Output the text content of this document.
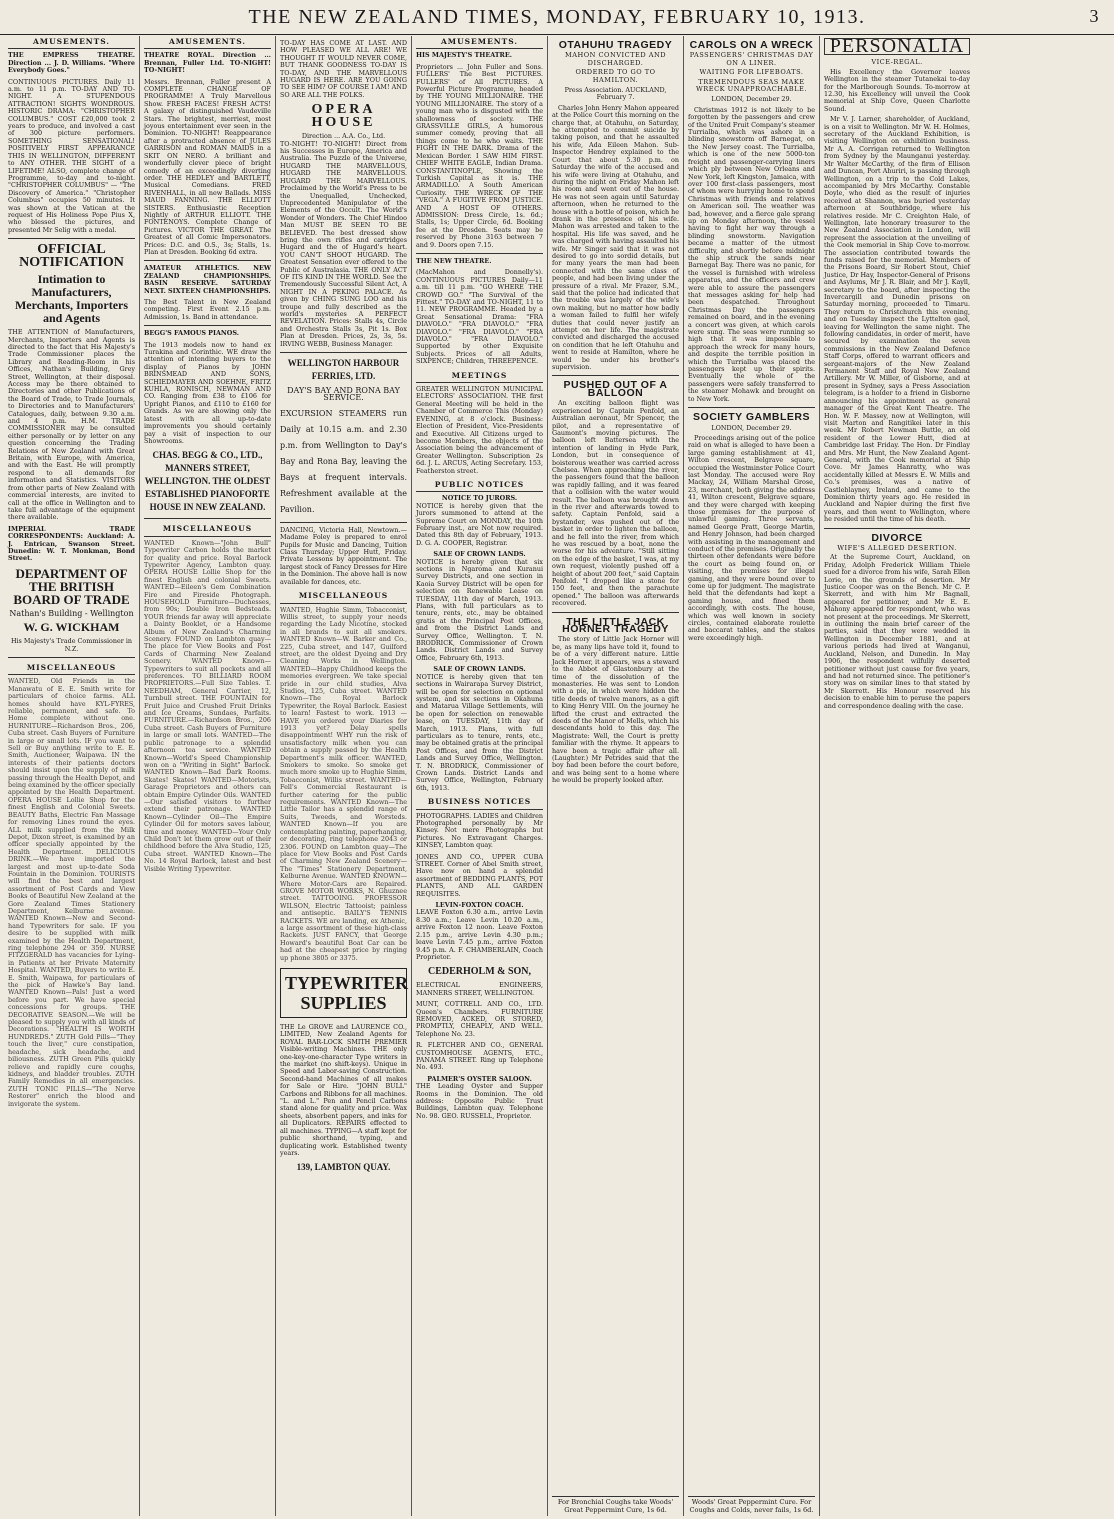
THE NEW ZEALAND TIMES, MONDAY, FEBRUARY 10, 1913.	3
AMUSEMENTS.
THE EMPRESS THEATRE. Direction ... J. D. Williams. "Where Everybody Goes."
CONTINUOUS PICTURES. Daily 11 a.m. to 11 p.m. TO-DAY AND TO-NIGHT. A STUPENDOUS ATTRACTION! SIGHTS WONDROUS. HISTORIC DRAMA: "CHRISTOPHER COLUMBUS." COST £20,000 took 2 years to produce, and involved a cast of 300 picture performers. SOMETHING SENSATIONAL! POSITIVELY FIRST APPEARANCE THIS IN WELLINGTON, DIFFERENT to ANY OTHER. THE SIGHT of a LIFETIME! ALSO, complete change of Programme, to-day and to-night. "CHRISTOPHER COLUMBUS" — "The Discovery of America." "Christopher Columbus" occupies 50 minutes. It was shown at the Vatican at the request of His Holiness Pope Pius X, who blessed the pictures, and presented Mr Selig with a medal.
OFFICIAL NOTIFICATION
Intimation to Manufacturers, Merchants, Importers and Agents
THE ATTENTION of Manufacturers, Merchants, Importers and Agents is directed to the fact that His Majesty's Trade Commissioner places the Library and Reading-Room in his Offices, Nathan's Building, Grey Street, Wellington, at their disposal. Access may be there obtained to Directories and other Publications of the Board of Trade, to Trade Journals, to Directories and to Manufacturers' Catalogues, daily, between 9.30 a.m. and 4 p.m. H.M. TRADE COMMISSIONER may be consulted either personally or by letter on any question concerning the Trading Relations of New Zealand with Great Britain, with Europe, with America, and with the East. He will promptly respond to all demands for information and Statistics. VISITORS from other parts of New Zealand with commercial interests, are invited to call at the office in Wellington and to take full advantage of the equipment there available.
IMPERIAL TRADE CORRESPONDENTS: Auckland: A. J. Entrican, Swanson Street. Dunedin: W. T. Monkman, Bond Street.
DEPARTMENT OF THE BRITISH BOARD OF TRADE
Nathan's Building - Wellington
W. G. WICKHAM
His Majesty's Trade Commissioner in N.Z.
MISCELLANEOUS
WANTED, Old Friends in the Manawatu of E. E. Smith write for particulars of choice farms. ALL homes should have KYL-FYRES, reliable, permanent, and safe. To Home complete without one. HURNITURE—Richardson Bros., 206, Cuba street. Cash Buyers of Furniture in large or small lots. IF you want to Sell or Buy anything write to E. E. Smith, Auctioneer, Waipawa. IN the interests of their patients doctors should insist upon the supply of milk passing through the Health Depot, and being examined by the officer specially appointed by the Health Department. OPERA HOUSE Lollie Shop for the finest English and Colonial Sweets. BEAUTY Baths, Electric Fan Massage for removing Lines round the eyes. ALL milk supplied from the Milk Depot, Dixon street, is examined by an officer specially appointed by the Health Department. DELICIOUS DRINK.—We have imported the largest and most up-to-date Soda Fountain in the Dominion. TOURISTS will find the best and largest assortment of Post Cards and View Books of Beautiful New Zealand at the Gore Zealand Times Stationery Department, Kelburne avenue. WANTED Known—New and Second-hand Typewriters for sale. IF you desire to be supplied with milk examined by the Health Department, ring telephone 294 or 359. NURSE FITZGERALD has vacancies for Lying-in Patients at her Private Maternity Hospital. WANTED, Buyers to write E. E. Smith, Waipawa, for particulars of the pick of Hawke's Bay land. WANTED Known—Pals! Just a word before you part. We have special concessions for groups. THE DECORATIVE SEASON.—We will be pleased to supply you with all kinds of Decorations. "HEALTH IS WORTH HUNDREDS." ZUTH Gold Pills—"They touch the liver," cure constipation, headache, sick headache, and biliousness. ZUTH Green Pills quickly relieve and rapidly cure coughs, kidneys, and bladder troubles. ZUTH Family Remedies in all emergencies. ZUTH TONIC PILLS—"The Nerve Restorer" enrich the blood and invigorate the system.
AMUSEMENTS.
THEATRE ROYAL. Direction ... Brennan, Fuller Ltd. TO-NIGHT! TO-NIGHT!
Messrs. Brennan, Fuller present A COMPLETE CHANGE OF PROGRAMME! A Truly Marvellous Show. FRESH FACES! FRESH ACTS! A galaxy of distinguished Vaudeville Stars. The brightest, merriest, most joyous entertainment ever seen in the Dominion. TO-NIGHT! Reappearance after a protracted absence of JULES GARRISON and ROMAN MAIDS in a SKIT ON NERO. A brilliant and wonderfully clever piece of bright comedy of an exceedingly diverting order. THE HEDLEY and BARTLETT, Musical Comedians. FRED RIVENHALL, in all new Ballads. MISS MAUD FANNING. THE ELLIOTT SISTERS. Enthusiastic Reception Nightly of ARTHUR ELLIOTT. THE FONTENOYS. Complete Change of Pictures. VICTOR THE GREAT. The Greatest of all Comic Impersonators. Prices: D.C. and O.S., 3s; Stalls, 1s. Plan at Dresden. Booking 6d extra.
AMATEUR ATHLETICS. NEW ZEALAND CHAMPIONSHIPS. BASIN RESERVE. SATURDAY NEXT. SIXTEEN CHAMPIONSHIPS.
The Best Talent in New Zealand competing. First Event 2.15 p.m. Admission, 1s. Band in attendance.
BEGG'S FAMOUS PIANOS.
The 1913 models now to hand ex Turakina and Corinthic. WE draw the attention of intending buyers to the display of Pianos by JOHN BRINSMEAD AND SONS, SCHIEDMAYER AND SOEHNE, FRITZ KUHLA, RONISCH, NEWMAN AND CO. Ranging from £38 to £106 for Upright Pianos, and £110 to £160 for Grands. As we are showing only the latest with all up-to-date improvements you should certainly pay a visit of inspection to our Showrooms.
CHAS. BEGG & CO., LTD., MANNERS STREET, WELLINGTON. THE OLDEST ESTABLISHED PIANOFORTE HOUSE IN NEW ZEALAND.
MISCELLANEOUS
WANTED Known—"John Bull" Typewriter Carbon holds the market for quality and price. Royal Barlock Typewriter Agency, Lambton quay. OPERA HOUSE Lollie Shop for the finest English and colonial Sweets. WANTED—Eileen's Gem Combination Fire and Fireside Photograph. HOUSEHOLD Furniture—Duchesses, from 90s; Double Iron Bedsteads. YOUR friends far away will appreciate a Dainty Booklet, or a Handsome Album of New Zealand's Charming Scenery. FOUND on Lambton quay—The place for View Books and Post Cards of Charming New Zealand Scenery. WANTED Known—Typewriters to suit all pockets and all preferences. TO BILLIARD ROOM PROPRIETORS.—Full Size Tables. T. NEEDHAM, General Carrier, 12, Turnbull street. THE FOUNTAIN for Fruit Juice and Crushed Fruit Drinks and Ice Creams, Sundaes, Parfaits. FURNITURE.—Richardson Bros., 206 Cuba street. Cash Buyers of Furniture in large or small lots. WANTED—The public patronage to a splendid afternoon tea service. WANTED Known—World's Speed Championship won on a "Writing in Sight" Barlock. WANTED Known—Bad Dark Rooms. Skates! Skates! WANTED—Motorists, Garage Proprietors and others can obtain Empire Cylinder Oils. WANTED—Our satisfied visitors to further extend their patronage. WANTED Known—Cylinder Oil—The Empire Cylinder Oil for motors saves labour, time and money. WANTED—Your Only Child Don't let them grow out of their childhood before the Alva Studio, 125, Cuba street. WANTED Known—The No. 14 Royal Barlock, latest and best Visible Writing Typewriter.
TO-DAY HAS COME AT LAST. AND HOW PLEASED WE ALL ARE! WE THOUGHT IT WOULD NEVER COME, BUT THANK GOODNESS TO-DAY IS TO-DAY, AND THE MARVELLOUS HUGARD IS HERE. ARE YOU GOING TO SEE HIM? OF COURSE I AM! AND SO ARE ALL THE FOLKS.
OPERA HOUSE
Direction ... A.A. Co., Ltd.
TO-NIGHT! TO-NIGHT! Direct from his Successes in Europe, America and Australia. The Puzzle of the Universe, HUGARD THE MARVELLOUS, HUGARD THE MARVELLOUS. HUGARD THE MARVELLOUS. Proclaimed by the World's Press to be the Unequalled, Unchecked, Unprecedented Manipulator of the Elements of the Occult. The World's Wonder of Wonders. The Chief Hindoo Man MUST BE SEEN TO BE BELIEVED. The best dressed show bring the own rifles and cartridges Hugard and the of Hugard's heart. YOU CAN'T SHOOT HUGARD. The Greatest Sensation ever offered to the Public of Australasia. THE ONLY ACT OF ITS KIND IN THE WORLD. See the Tremendously Successful Silent Act, A NIGHT IN A PEKING PALACE. As given by CHING SUNG LOO and his troupe and fully described as the world's mysteries A PERFECT REVELATION. Prices: Stalls 4s, Circle and Orchestra Stalls 3s, Pit 1s. Box Plan at Dresden. Prices, 2s, 3s, 5s. IRVING WEBB, Business Manager.
WELLINGTON HARBOUR FERRIES, LTD.
DAY'S BAY AND RONA BAY SERVICE.
EXCURSION STEAMERS run Daily at 10.15 a.m. and 2.30 p.m. from Wellington to Day's Bay and Rona Bay, leaving the Bays at frequent intervals. Refreshment available at the Pavilion.
DANCING, Victoria Hall, Newtown.—Madame Foley is prepared to enrol Pupils for Music and Dancing, Tuition Class Thursday; Upper Hutt, Friday. Private Lessons by appointment. The largest stock of Fancy Dresses for Hire in the Dominion. The above hall is now available for dances, etc.
MISCELLANEOUS
WANTED, Hughie Simm, Tobacconist, Willis street, to supply your needs regarding the Lady Nicotine, stocked in all brands to suit all smokers. WANTED Known—W. Barker and Co., 225, Cuba street, and 147, Guilford street, are the oldest Dyeing and Dry Cleaning Works in Wellington. WANTED—Happy Childhood keeps the memories evergreen. We take special pride in our child studies, Alva Studios, 125, Cuba street. WANTED Known—The Royal Barlock Typewriter, the Royal Barlock. Easiest to learn! Fastest to work. 1913 — HAVE you ordered your Diaries for 1913 yet? Delay spells disappointment! WHY run the risk of unsatisfactory milk when you can obtain a supply passed by the Health Department's milk officer. WANTED, Smokers to smoke. So smoke get much more smoke up to Hughie Simm, Tobacconist, Willis street. WANTED—Fell's Commercial Restaurant is further catering for the public requirements. WANTED Known—The Little Tailor has a splendid range of Suits, Tweeds, and Worsteds. WANTED Known—If you are contemplating painting, paperhanging, or decorating, ring telephone 2043 or 2306. FOUND on Lambton quay—The place for View Books and Post Cards of Charming New Zealand Scenery—The "Times" Stationery Department, Kelburne Avenue. WANTED KNOWN—Where Motor-Cars are Repaired. GROVE MOTOR WORKS, N. Ghuznee street. TATTOOING. PROFESSOR WILSON, Electric Tattooist; painless and antiseptic. BAILY'S TENNIS RACKETS. WE are landing, ex Athenic, a large assortment of these high-class Rackets. JUST FANCY, that George Howard's beautiful Boat Car can be had at the cheapest price by ringing up phone 3805 or 3375.
TYPEWRITER SUPPLIES
THE Le GROVE and LAURENCE CO., LIMITED, New Zealand Agents for ROYAL BAR-LOCK SMITH PREMIER Visible-writing Machines. THE only one-key-one-character Type writers in the market (no shift-keys). Unique in Speed and Labor-saving Construction. Second-hand Machines of all makes for Sale or Hire. "JOHN BULL" Carbons and Ribbons for all machines. "L. and L." Pen and Pencil Carbons stand alone for quality and price. Wax sheets, absorbent papers, and inks for all Duplicators. REPAIRS effected to all machines. TYPING—A staff kept for public shorthand, typing, and duplicating work. Established twenty years.
139, LAMBTON QUAY.
AMUSEMENTS.
HIS MAJESTY'S THEATRE.
Proprietors ... John Fuller and Sons. FULLERS' The Best PICTURES. FULLERS' of All PICTURES. A Powerful Picture Programme, headed by THE YOUNG MILLIONAIRE. THE YOUNG MILLIONAIRE. The story of a young man who is disgusted with the shallowness of society. THE GRASSVILLE GIRLS, A humorous summer comedy, proving that all things come to he who waits. THE FIGHT IN THE DARK. Drama of the Mexican Border. I SAW HIM FIRST. CHIEF WHITE EAGLE, Indian Drama. CONSTANTINOPLE, Showing the Turkish Capital as it is. THE ARMADILLO. A South American Curiosity. THE WRECK OF THE "VEGA." A FUGITIVE FROM JUSTICE. AND A HOST OF OTHERS. ADMISSION: Dress Circle, 1s. 6d.; Stalls, 1s; Upper Circle, 6d. Booking fee at the Dresden. Seats may be reserved by Phone 3163 between 7 and 9. Doors open 7.15.
THE NEW THEATRE.
(MacMahon and Donnelly's). CONTINUOUS PICTURES Daily—11 a.m. till 11 p.m. "GO WHERE THE CROWD GO." "The Survival of the Fittest." TO-DAY and TO-NIGHT, 11 to 11. NEW PROGRAMME. Headed by a Great Sensational Drama: "FRA DIAVOLO." "FRA DIAVOLO." "FRA DIAVOLO." "FRA DIAVOLO." "FRA DIAVOLO." "FRA DIAVOLO." Supported by other Exquisite Subjects. Prices of all Adults, SIXPENCE; Children, THREEPENCE.
MEETINGS
GREATER WELLINGTON MUNICIPAL ELECTORS' ASSOCIATION. THE first General Meeting will be held in the Chamber of Commerce This (Monday) EVENING, at 8 o'clock. Business: Election of President, Vice-Presidents and Executive. All Citizens urged to become Members, the objects of the Association being the advancement of Greater Wellington. Subscription 2s 6d. J. L. ARCUS, Acting Secretary. 153, Featherston street.
PUBLIC NOTICES
NOTICE TO JURORS.
NOTICE is hereby given that the Jurors summoned to attend at the Supreme Court on MONDAY, the 10th February inst., are Not now required. Dated this 8th day of February, 1913. D. G. A. COOPER, Registrar.
SALE OF CROWN LANDS.
NOTICE is hereby given that six sections in Ngaroma and Kuranui Survey Districts, and one section in Kaoia Survey District will be open for selection on Renewable Lease on TUESDAY, 11th day of March, 1913. Plans, with full particulars as to tenure, rents, etc., may be obtained gratis at the Principal Post Offices, and from the District Lands and Survey Office, Wellington. T. N. BRODRICK, Commissioner of Crown Lands. District Lands and Survey Office, February 6th, 1913.
SALE OF CROWN LANDS.
NOTICE is hereby given that ten sections in Wairarapa Survey District, will be open for selection on optional system, and six sections in Okahuna and Matarua Village Settlements, will be open for selection on renewable lease, on TUESDAY, 11th day of March, 1913. Plans, with full particulars as to tenure, rents, etc., may be obtained gratis at the principal Post Offices, and from the District Lands and Survey Office, Wellington. T. N. BRODRICK, Commissioner of Crown Lands. District Lands and Survey Office, Wellington, February 6th, 1913.
BUSINESS NOTICES
PHOTOGRAPHS. LADIES and Children Photographed personally by Mr Kinsey. Not mere Photographs but Pictures. No Extravagant Charges. KINSEY, Lambton quay.
JONES AND CO., UPPER CUBA STREET. Corner of Abel Smith street, Have now on hand a splendid assortment of BEDDING PLANTS, POT PLANTS, AND ALL GARDEN REQUISITES.
LEVIN-FOXTON COACH.
LEAVE Foxton 6.30 a.m., arrive Levin 8.30 a.m.; Leave Levin 10.20 a.m., arrive Foxton 12 noon. Leave Foxton 2.15 p.m., arrive Levin 4.30 p.m.; leave Levin 7.45 p.m., arrive Foxton 9.45 p.m. A. F. CHAMBERLAIN, Coach Proprietor.
CEDERHOLM & SON,
ELECTRICAL ENGINEERS, MANNERS STREET, WELLINGTON.
MUNT, COTTRELL AND CO., LTD. Queen's Chambers. FURNITURE REMOVED, ACKED, OR STORED, PROMPTLY, CHEAPLY, AND WELL. Telephone No. 23.
R. FLETCHER AND CO., GENERAL CUSTOMHOUSE AGENTS, ETC., PANAMA STREET. Ring up Telephone No. 493.
PALMER'S OYSTER SALOON.
THE Leading Oyster and Supper Rooms in the Dominion. The old address: Opposite Public Trust Buildings, Lambton quay. Telephone No. 98. GEO. RUSSELL, Proprietor.
OTAHUHU TRAGEDY
MAHON CONVICTED AND DISCHARGED.
ORDERED TO GO TO HAMILTON.
Press Association. AUCKLAND, February 7.
Charles John Henry Mahon appeared at the Police Court this morning on the charge that, at Otahuhu, on Saturday, he attempted to commit suicide by taking poison, and that he assaulted his wife, Ada Eileen Mahon. Sub-Inspector Hendrey explained to the Court that about 5.30 p.m. on Saturday the wife of the accused and his wife were living at Otahuhu, and during the night on Friday Mahon left his room and went out of the house. He was not seen again until Saturday afternoon, when he returned to the house with a bottle of poison, which he drank in the presence of his wife. Mahon was arrested and taken to the hospital. His life was saved, and he was charged with having assaulted his wife. Mr Singer said that it was not desired to go into sordid details, but for many years the man had been connected with the same class of people, and had been living under the pressure of a rival. Mr Frazer, S.M., said that the police had indicated that the trouble was largely of the wife's own making, but no matter how badly a woman failed to fulfil her wifely duties that could never justify an attempt on her life. The magistrate convicted and discharged the accused on condition that he left Otahuhu and went to reside at Hamilton, where he would be under his brother's supervision.
PUSHED OUT OF A BALLOON
An exciting balloon flight was experienced by Captain Penfold, an Australian aeronaut, Mr Spencer, the pilot, and a representative of Gaumont's moving pictures. The balloon left Battersea with the intention of landing in Hyde Park, London, but in consequence of boisterous weather was carried across Chelsea. When approaching the river, the passengers found that the balloon was rapidly falling, and it was feared that a collision with the water would result. The balloon was brought down in the river and afterwards towed to safety. Captain Penfold, said a bystander, was pushed out of the basket in order to lighten the balloon, and he fell into the river, from which he was rescued by a boat, none the worse for his adventure. "Still sitting on the edge of the basket, I was, at my own request, violently pushed off a height of about 200 feet," said Captain Penfold. "I dropped like a stone for 150 feet, and then the parachute opened." The balloon was afterwards recovered.
THE LITTLE JACK HORNER TRAGEDY
The story of Little Jack Horner will be, as many lips have told it, found to be of a very different nature. Little Jack Horner, it appears, was a steward to the Abbot of Glastonbury at the time of the dissolution of the monasteries. He was sent to London with a pie, in which were hidden the title deeds of twelve manors, as a gift to King Henry VIII. On the journey he lifted the crust and extracted the deeds of the Manor of Mells, which his descendants hold to this day. The Magistrate: Well, the Court is pretty familiar with the rhyme. It appears to have been a tragic affair after all. (Laughter.) Mr Petrides said that the boy had been before the court before, and was being sent to a home where he would be properly looked after.
For Bronchial Coughs take Woods' Great Peppermint Cure, 1s 6d.
CAROLS ON A WRECK
PASSENGERS' CHRISTMAS DAY ON A LINER.
WAITING FOR LIFEBOATS.
TREMENDOUS SEAS MAKE WRECK UNAPPROACHABLE.
LONDON, December 29.
Christmas 1912 is not likely to be forgotten by the passengers and crew of the United Fruit Company's steamer Turrialba, which was ashore in a blinding snowstorm off Barnegat, on the New Jersey coast. The Turrialba, which is one of the new 5000-ton freight and passenger-carrying liners which ply between New Orleans and New York, left Kingston, Jamaica, with over 100 first-class passengers, most of whom were hurrying home to spend Christmas with friends and relatives on American soil. The weather was bad, however, and a fierce gale sprang up on Monday afternoon, the vessel having to fight her way through a blinding snowstorm. Navigation became a matter of the utmost difficulty, and shortly before midnight the ship struck the sands near Barnegat Bay. There was no panic, for the vessel is furnished with wireless apparatus, and the officers and crew were able to assure the passengers that messages asking for help had been despatched. Throughout Christmas Day the passengers remained on board, and in the evening a concert was given, at which carols were sung. The seas were running so high that it was impossible to approach the wreck for many hours, and despite the terrible position in which the Turrialba was placed the passengers kept up their spirits. Eventually the whole of the passengers were safely transferred to the steamer Mohawk and brought on to New York.
SOCIETY GAMBLERS
LONDON, December 29.
Proceedings arising out of the police raid on what is alleged to have been a large gaming establishment at 41, Wilton crescent, Belgrave square, occupied the Westminster Police Court last Monday. The accused were Roy Mackay, 24, William Marshal Grose, 23, merchant, both giving the address 41, Wilton crescent, Belgrave square, and they were charged with keeping those premises for the purpose of unlawful gaming. Three servants, named George Pratt, George Martin, and Henry Johnson, had been charged with assisting in the management and conduct of the premises. Originally the thirteen other defendants were before the court as being found on, or visiting, the premises for illegal gaming, and they were bound over to come up for judgment. The magistrate held that the defendants had kept a gaming house, and fined them accordingly, with costs. The house, which was well known in society circles, contained elaborate roulette and baccarat tables, and the stakes were exceedingly high.
Woods' Great Peppermint Cure. For Coughs and Colds, never fails, 1s 6d.
PERSONALIA
VICE-REGAL.
His Excellency the Governor leaves Wellington in the steamer Tutanekai to-day for the Marlborough Sounds. To-morrow at 12.30, his Excellency will unveil the Cook memorial at Ship Cove, Queen Charlotte Sound.
Mr V. J. Larner, shareholder, of Auckland, is on a visit to Wellington. Mr W. H. Holmes, secretary of the Auckland Exhibition, is visiting Wellington on exhibition business. Mr A. A. Corrigan returned to Wellington from Sydney by the Maunganui yesterday. Mr Walter McCarthy, of the firm of Ellison and Duncan, Port Ahuriri, is passing through Wellington, on a trip to the Cold Lakes, accompanied by Mrs McCarthy. Constable Doyle, who died as the result of injuries received at Shannon, was buried yesterday afternoon at Southbridge, where his relatives reside. Mr C. Creighton Hale, of Wellington, late honorary treasurer to the New Zealand Association in London, will represent the association at the unveiling of the Cook memorial in Ship Cove to-morrow. The association contributed towards the funds raised for the memorial. Members of the Prisons Board, Sir Robert Stout, Chief Justice, Dr Hay, Inspector-General of Prisons and Asylums, Mr J. R. Blair, and Mr J. Kayll, secretary to the board, after inspecting the Invercargill and Dunedin prisons on Saturday morning, proceeded to Timaru. They return to Christchurch this evening, and on Tuesday inspect the Lyttelton gaol, leaving for Wellington the same night. The following candidates, in order of merit, have secured by examination the seven commissions in the New Zealand Defence Staff Corps, offered to warrant officers and sergeant-majors of the New Zealand Permanent Staff and Royal New Zealand Artillery. Mr W. Miller, of Gisborne, and at present in Sydney, says a Press Association telegram, is a holder to a friend in Gisborne announcing his appointment as general manager of the Great Kent Theatre. The Hon. W. F. Massey, now at Wellington, will visit Marton and Rangitikei later in this week. Mr Robert Newman Buttle, an old resident of the Lower Hutt, died at Cambridge last Friday. The Hon. Dr Findlay and Mrs. Mr Hunt, the New Zealand Agent-General, with the Cook memorial at Ship Cove. Mr James Hanratty, who was accidentally killed at Messrs E. W. Mills and Co.'s premises, was a native of Castleblayney, Ireland, and came to the Dominion thirty years ago. He resided in Auckland and Napier during the first five years, and then went to Wellington, where he resided until the time of his death.
DIVORCE
WIFE'S ALLEGED DESERTION.
At the Supreme Court, Auckland, on Friday, Adolph Frederick William Thiele sued for a divorce from his wife, Sarah Ellen Lorie, on the grounds of desertion. Mr Justice Cooper was on the Bench. Mr C. P. Skerrett, and with him Mr Bagnall, appeared for petitioner, and Mr E. E. Mahony appeared for respondent, who was not present at the proceedings. Mr Skerrett, in outlining the main brief career of the parties, said that they were wedded in Wellington in December 1881, and at various periods had lived at Wanganui, Auckland, Nelson, and Dunedin. In May 1906, the respondent wilfully deserted petitioner without just cause for five years, and had not returned since. The petitioner's story was on similar lines to that stated by Mr Skerrett. His Honour reserved his decision to enable him to peruse the papers and correspondence dealing with the case.
